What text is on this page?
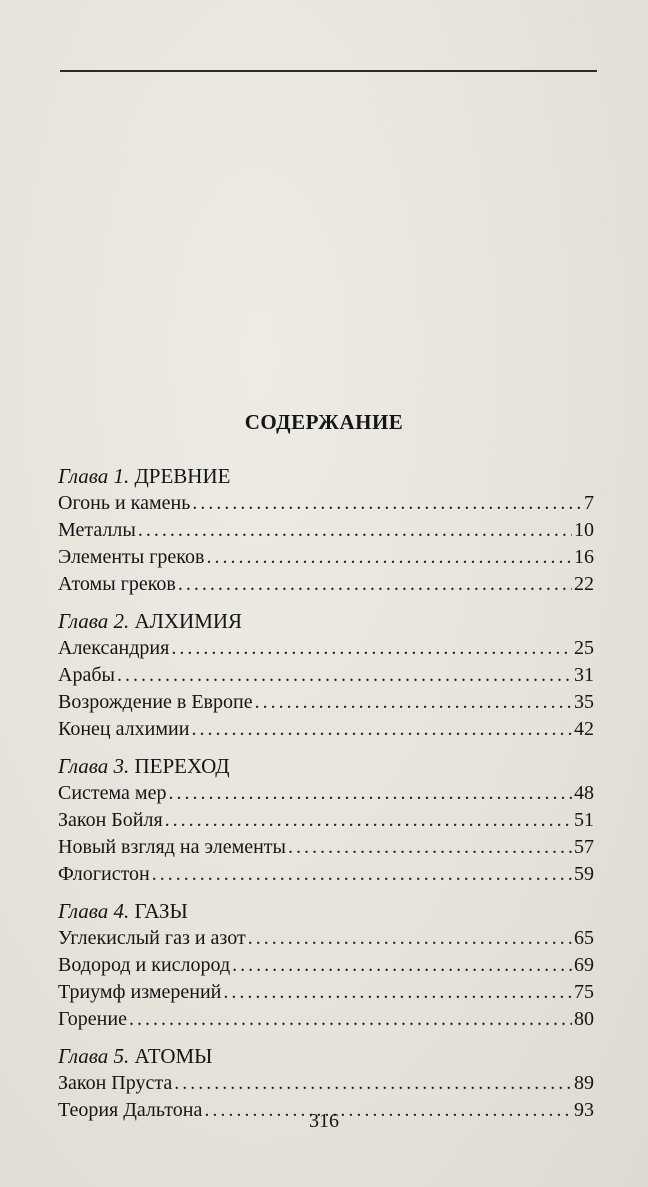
СОДЕРЖАНИЕ
Глава 1. ДРЕВНИЕ
Огонь и камень .....	7
Металлы .....	10
Элементы греков .....	16
Атомы греков .....	22
Глава 2. АЛХИМИЯ
Александрия .....	25
Арабы .....	31
Возрождение в Европе .....	35
Конец алхимии .....	42
Глава 3. ПЕРЕХОД
Система мер .....	48
Закон Бойля .....	51
Новый взгляд на элементы .....	57
Флогистон .....	59
Глава 4. ГАЗЫ
Углекислый газ и азот .....	65
Водород и кислород .....	69
Триумф измерений .....	75
Горение .....	80
Глава 5. АТОМЫ
Закон Пруста .....	89
Теория Дальтона .....	93
316
